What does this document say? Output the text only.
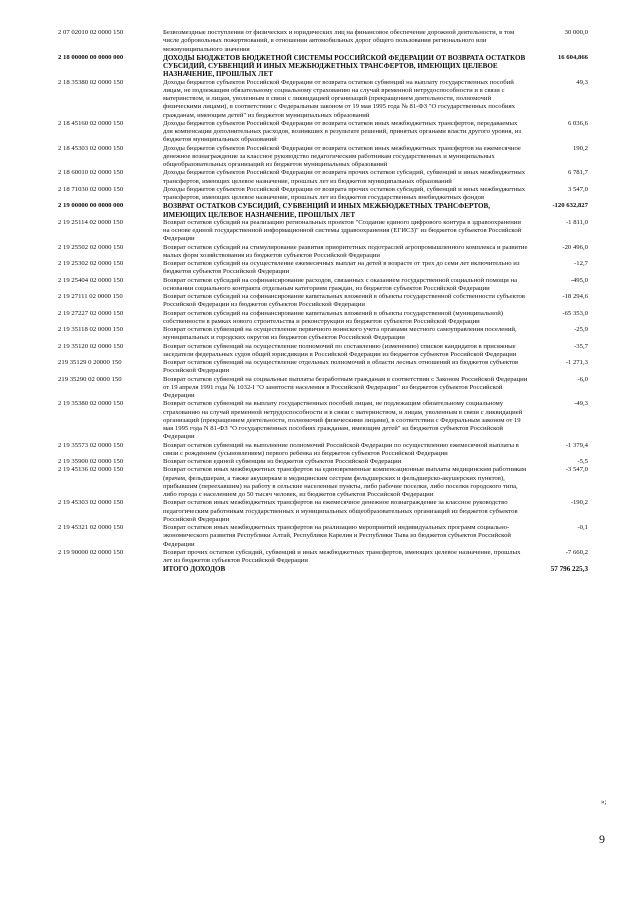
2 07 02010 02 0000 150	Безвозмездные поступления от физических и юридических лиц на финансовое обеспечение дорожной деятельности, в том числе добровольных пожертвований, в отношении автомобильных дорог общего пользования регионального или межмуниципального значения	30 000,0
2 18 00000 00 0000 000	ДОХОДЫ БЮДЖЕТОВ БЮДЖЕТНОЙ СИСТЕМЫ РОССИЙСКОЙ ФЕДЕРАЦИИ ОТ ВОЗВРАТА ОСТАТКОВ СУБСИДИЙ, СУБВЕНЦИЙ И ИНЫХ МЕЖБЮДЖЕТНЫХ ТРАНСФЕРТОВ, ИМЕЮЩИХ ЦЕЛЕВОЕ НАЗНАЧЕНИЕ, ПРОШЛЫХ ЛЕТ	16 604,866
2 18 35380 02 0000 150	Доходы бюджетов субъектов Российской Федерации от возврата остатков субвенций на выплату государственных пособий лицам, не подлежащим обязательному социальному страхованию на случай временной нетрудоспособности и в связи с материнством, и лицам, уволенным в связи с ликвидацией организаций (прекращением деятельности, полномочий физическими лицами), в соответствии с Федеральным законом от 19 мая 1995 года № 81-ФЗ "О государственных пособиях гражданам, имеющим детей" из бюджетов муниципальных образований	49,3
2 18 45160 02 0000 150	Доходы бюджетов субъектов Российской Федерации от возврата остатков иных межбюджетных трансфертов, передаваемых для компенсации дополнительных расходов, возникших в результате решений, принятых органами власти другого уровня, из бюджетов муниципальных образований	6 036,6
2 18 45303 02 0000 150	Доходы бюджетов субъектов Российской Федерации от возврата остатков иных межбюджетных трансфертов на ежемесячное денежное вознаграждение за классное руководство педагогическим работникам государственных и муниципальных общеобразовательных организаций из бюджетов муниципальных образований	190,2
2 18 60010 02 0000 150	Доходы бюджетов субъектов Российской Федерации от возврата прочих остатков субсидий, субвенций и иных межбюджетных трансфертов, имеющих целевое назначение, прошлых лет из бюджетов муниципальных образований	6 781,7
2 18 71030 02 0000 150	Доходы бюджетов субъектов Российской Федерации от возврата прочих остатков субсидий, субвенций и иных межбюджетных трансфертов, имеющих целевое назначение, прошлых лет из бюджетов государственных внебюджетных фондов	3 547,0
2 19 00000 00 0000 000	ВОЗВРАТ ОСТАТКОВ СУБСИДИЙ, СУБВЕНЦИЙ И ИНЫХ МЕЖБЮДЖЕТНЫХ ТРАНСФЕРТОВ, ИМЕЮЩИХ ЦЕЛЕВОЕ НАЗНАЧЕНИЕ, ПРОШЛЫХ ЛЕТ	-120 632,827
2 19 25114 02 0000 150	Возврат остатков субсидий на реализацию региональных проектов "Создание единого цифрового контура в здравоохранении на основе единой государственной информационной системы здравоохранения (ЕГИСЗ)" из бюджетов субъектов Российской Федерации	-1 811,0
2 19 25502 02 0000 150	Возврат остатков субсидий на стимулирование развития приоритетных подотраслей агропромышленного комплекса и развитие малых форм хозяйствования из бюджетов субъектов Российской Федерации	-20 496,0
2 19 25302 02 0000 150	Возврат остатков субсидий на осуществление ежемесячных выплат на детей в возрасте от трех до семи лет включительно из бюджетов субъектов Российской Федерации	-12,7
2 19 25404 02 0000 150	Возврат остатков субсидий на софинансирование расходов, связанных с оказанием государственной социальной помощи на основании социального контракта отдельным категориям граждан, из бюджетов субъектов Российской Федерации	-495,0
2 19 27111 02 0000 150	Возврат остатков субсидий на софинансирование капитальных вложений в объекты государственной собственности субъектов Российской Федерации из бюджетов субъектов Российской Федерации	-18 294,6
2 19 27227 02 0000 150	Возврат остатков субсидий на софинансирование капитальных вложений в объекты государственной (муниципальной) собственности в рамках нового строительства и реконструкции из бюджетов субъектов Российской Федерации	-65 353,0
2 19 35118 02 0000 150	Возврат остатков субвенций на осуществление первичного воинского учета органами местного самоуправления поселений, муниципальных и городских округов из бюджетов субъектов Российской Федерации	-25,9
2 19 35120 02 0000 150	Возврат остатков субвенций на осуществление полномочий по составлению (изменению) списков кандидатов в присяжные заседатели федеральных судов общей юрисдикции в Российской Федерации из бюджетов субъектов Российской Федерации	-35,7
219 35129 0 20000 150	Возврат остатков субвенций на осуществление отдельных полномочий в области лесных отношений из бюджетов субъектов Российской Федерации	-1 271,3
219 35290 02 0000 150	Возврат остатков субвенций на социальные выплаты безработным гражданам в соответствии с Законом Российской Федерации от 19 апреля 1991 года № 1032-I "О занятости населения в Российской Федерации" из бюджетов субъектов Российской Федерации	-6,0
2 19 35380 02 0000 150	Возврат остатков субвенций на выплату государственных пособий лицам, не подлежащим обязательному социальному страхованию на случай временной нетрудоспособности и в связи с материнством, и лицам, уволенным в связи с ликвидацией организаций (прекращением деятельности, полномочий физическими лицами), в соответствии с Федеральным законом от 19 мая 1995 года N 81-ФЗ "О государственных пособиях гражданам, имеющим детей" из бюджетов субъектов Российской Федерации	-49,3
2 19 35573 02 0000 150	Возврат остатков субвенций на выполнение полномочий Российской Федерации по осуществлению ежемесячной выплаты в связи с рождением (усыновлением) первого ребенка из бюджетов субъектов Российской Федерации	-1 379,4
2 19 35900 02 0000 150	Возврат остатков единой субвенции из бюджетов субъектов Российской Федерации	-5,5
2 19 45136 02 0000 150	Возврат остатков иных межбюджетных трансфертов на единовременные компенсационные выплаты медицинским работникам (врачам, фельдшерам, а также акушеркам и медицинским сестрам фельдшерских и фельдшерско-акушерских пунктов), прибывшим (переехавшим) на работу в сельские населенные пункты, либо рабочие поселки, либо поселки городского типа, либо города с населением до 50 тысяч человек, из бюджетов субъектов Российской Федерации	-3 547,0
2 19 45303 02 0000 150	Возврат остатков иных межбюджетных трансфертов на ежемесячное денежное вознаграждение за классное руководство педагогическим работникам государственных и муниципальных общеобразовательных организаций из бюджетов субъектов Российской Федерации	-190,2
2 19 45321 02 0000 150	Возврат остатков иных межбюджетных трансфертов на реализацию мероприятий индивидуальных программ социально-экономического развития Республики Алтай, Республики Карелия и Республики Тыва из бюджетов субъектов Российской Федерации	-0,1
2 19 90000 02 0000 150	Возврат прочих остатков субсидий, субвенций и иных межбюджетных трансфертов, имеющих целевое назначение, прошлых лет из бюджетов субъектов Российской Федерации	-7 660,2
	ИТОГО ДОХОДОВ	57 796 225,3
»;
9
